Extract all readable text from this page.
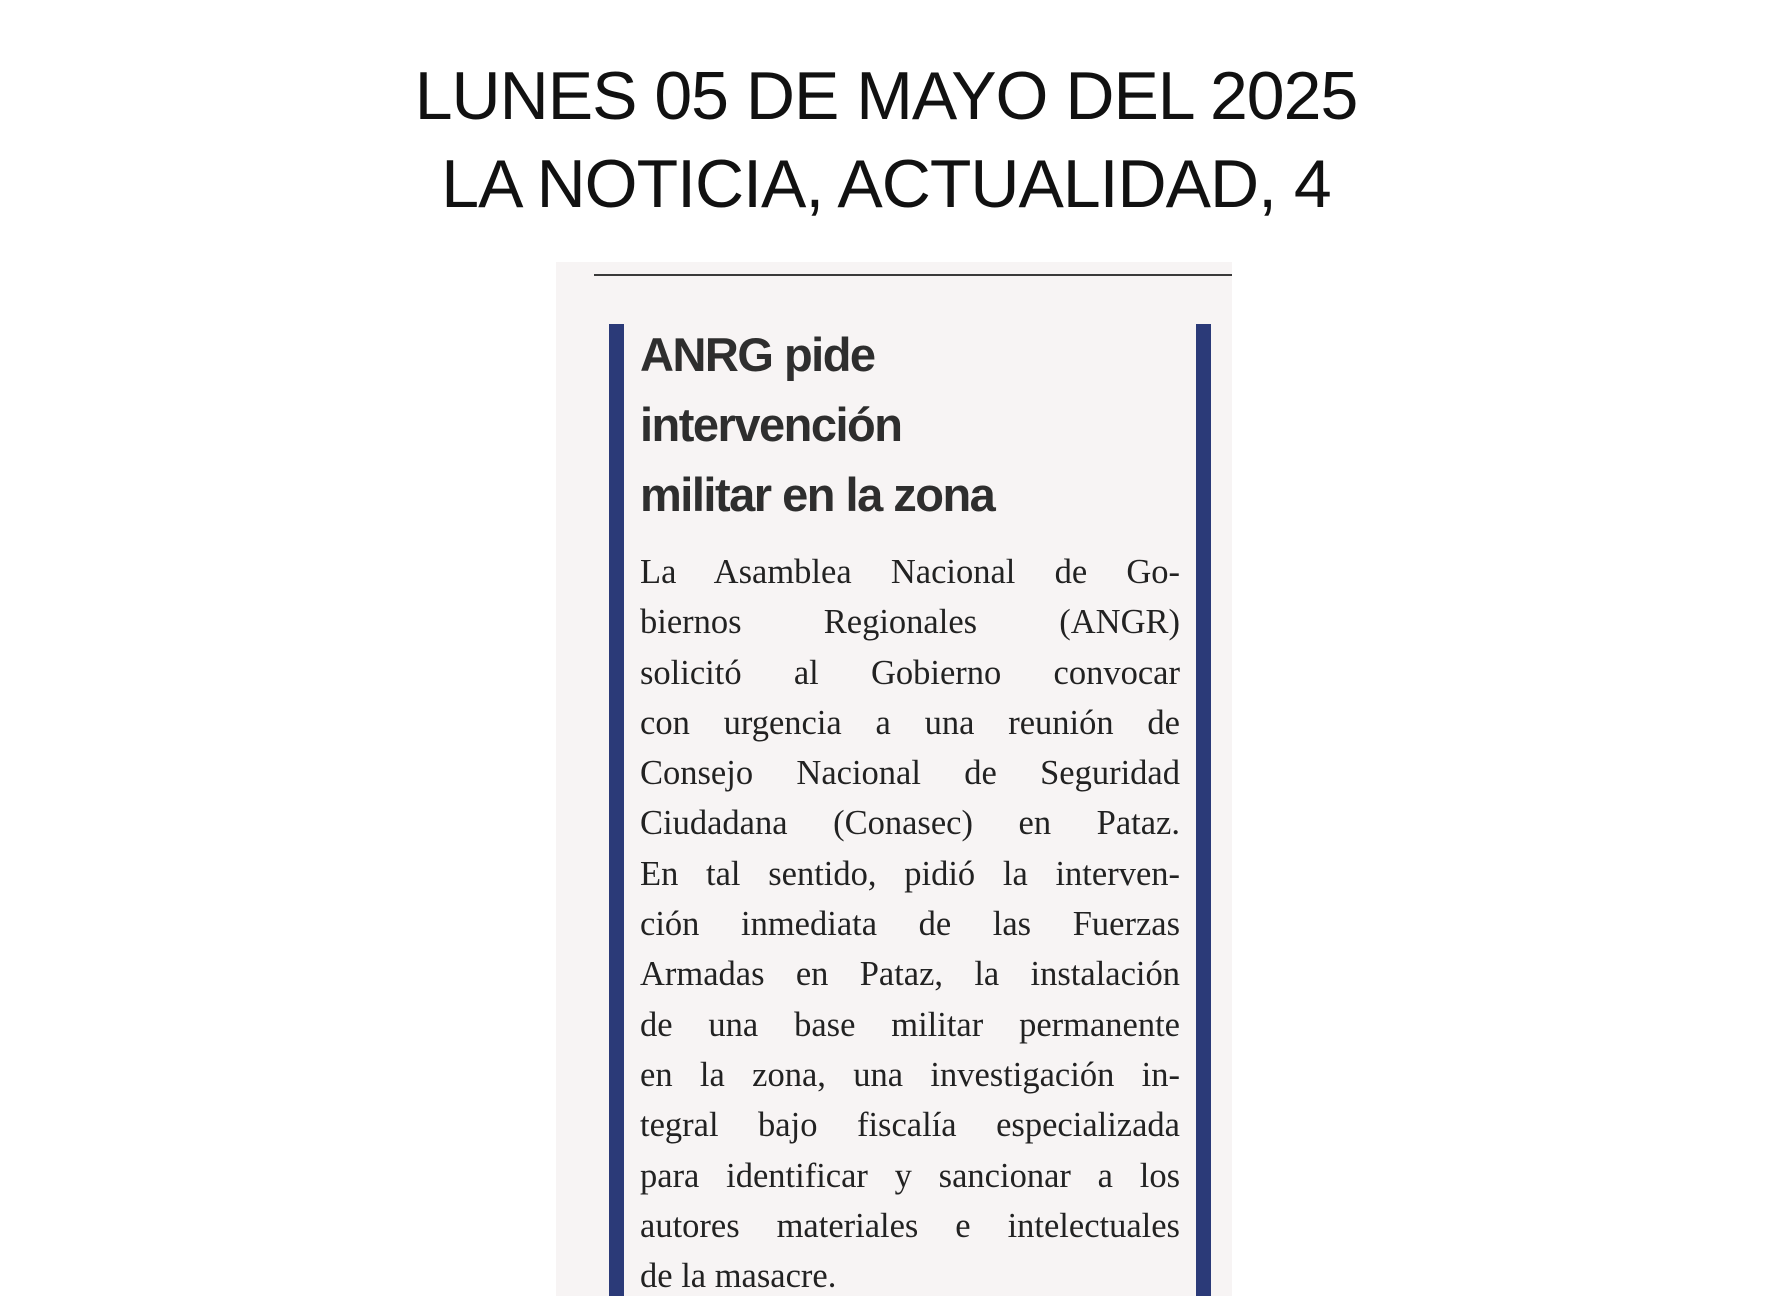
LUNES 05 DE MAYO DEL 2025
LA NOTICIA, ACTUALIDAD, 4
ANRG pide
intervención
militar en la zona
La Asamblea Nacional de Go-
biernos Regionales (ANGR)
solicitó al Gobierno convocar
con urgencia a una reunión de
Consejo Nacional de Seguridad
Ciudadana (Conasec) en Pataz.
En tal sentido, pidió la interven-
ción inmediata de las Fuerzas
Armadas en Pataz, la instalación
de una base militar permanente
en la zona, una investigación in-
tegral bajo fiscalía especializada
para identificar y sancionar a los
autores materiales e intelectuales
de la masacre.
